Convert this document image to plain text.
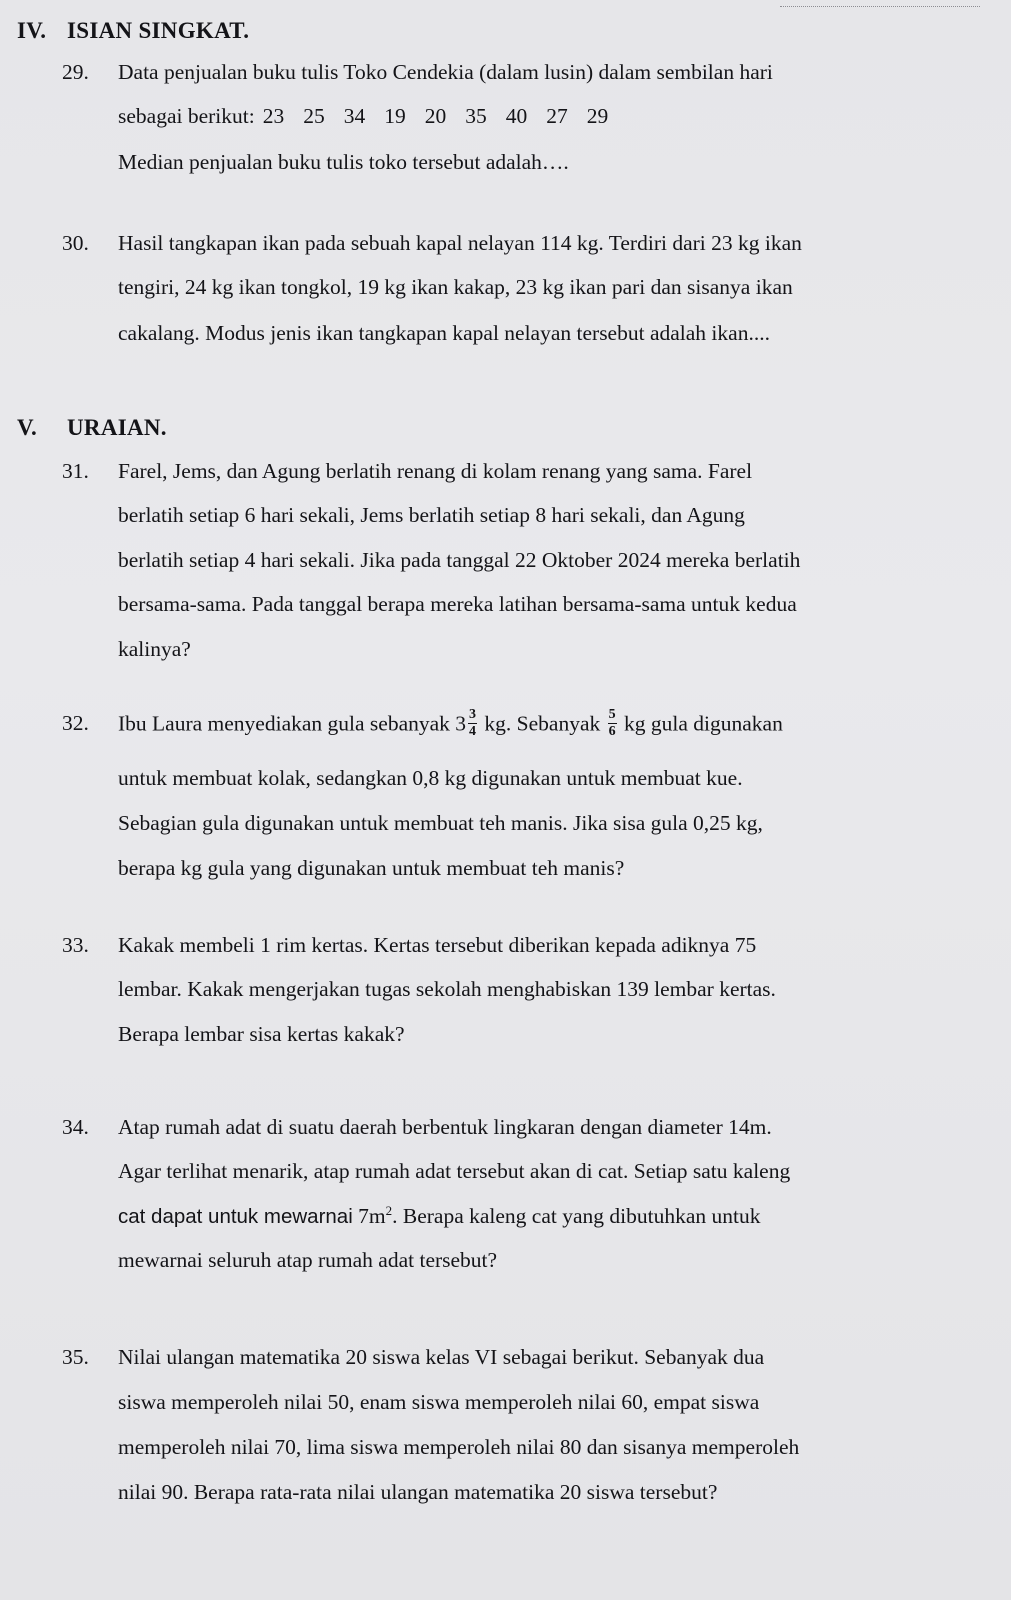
IV. ISIAN SINGKAT.
29. Data penjualan buku tulis Toko Cendekia (dalam lusin) dalam sembilan hari
sebagai berikut: 23 25 34 19 20 35 40 27 29
Median penjualan buku tulis toko tersebut adalah….
30. Hasil tangkapan ikan pada sebuah kapal nelayan 114 kg. Terdiri dari 23 kg ikan
tengiri, 24 kg ikan tongkol, 19 kg ikan kakap, 23 kg ikan pari dan sisanya ikan
cakalang. Modus jenis ikan tangkapan kapal nelayan tersebut adalah ikan....
V. URAIAN.
31. Farel, Jems, dan Agung berlatih renang di kolam renang yang sama. Farel
berlatih setiap 6 hari sekali, Jems berlatih setiap 8 hari sekali, dan Agung
berlatih setiap 4 hari sekali. Jika pada tanggal 22 Oktober 2024 mereka berlatih
bersama-sama. Pada tanggal berapa mereka latihan bersama-sama untuk kedua
kalinya?
32. Ibu Laura menyediakan gula sebanyak $3 \frac{3}{4}$ kg. Sebanyak $\frac{5}{6}$ kg gula digunakan
untuk membuat kolak, sedangkan 0,8 kg digunakan untuk membuat kue.
Sebagian gula digunakan untuk membuat teh manis. Jika sisa gula 0,25 kg,
berapa kg gula yang digunakan untuk membuat teh manis?
33. Kakak membeli 1 rim kertas. Kertas tersebut diberikan kepada adiknya 75
lembar. Kakak mengerjakan tugas sekolah menghabiskan 139 lembar kertas.
Berapa lembar sisa kertas kakak?
34. Atap rumah adat di suatu daerah berbentuk lingkaran dengan diameter 14m.
Agar terlihat menarik, atap rumah adat tersebut akan di cat. Setiap satu kaleng
cat dapat untuk mewarnai $7m^2$. Berapa kaleng cat yang dibutuhkan untuk
mewarnai seluruh atap rumah adat tersebut?
35. Nilai ulangan matematika 20 siswa kelas VI sebagai berikut. Sebanyak dua
siswa memperoleh nilai 50, enam siswa memperoleh nilai 60, empat siswa
memperoleh nilai 70, lima siswa memperoleh nilai 80 dan sisanya memperoleh
nilai 90. Berapa rata-rata nilai ulangan matematika 20 siswa tersebut?
